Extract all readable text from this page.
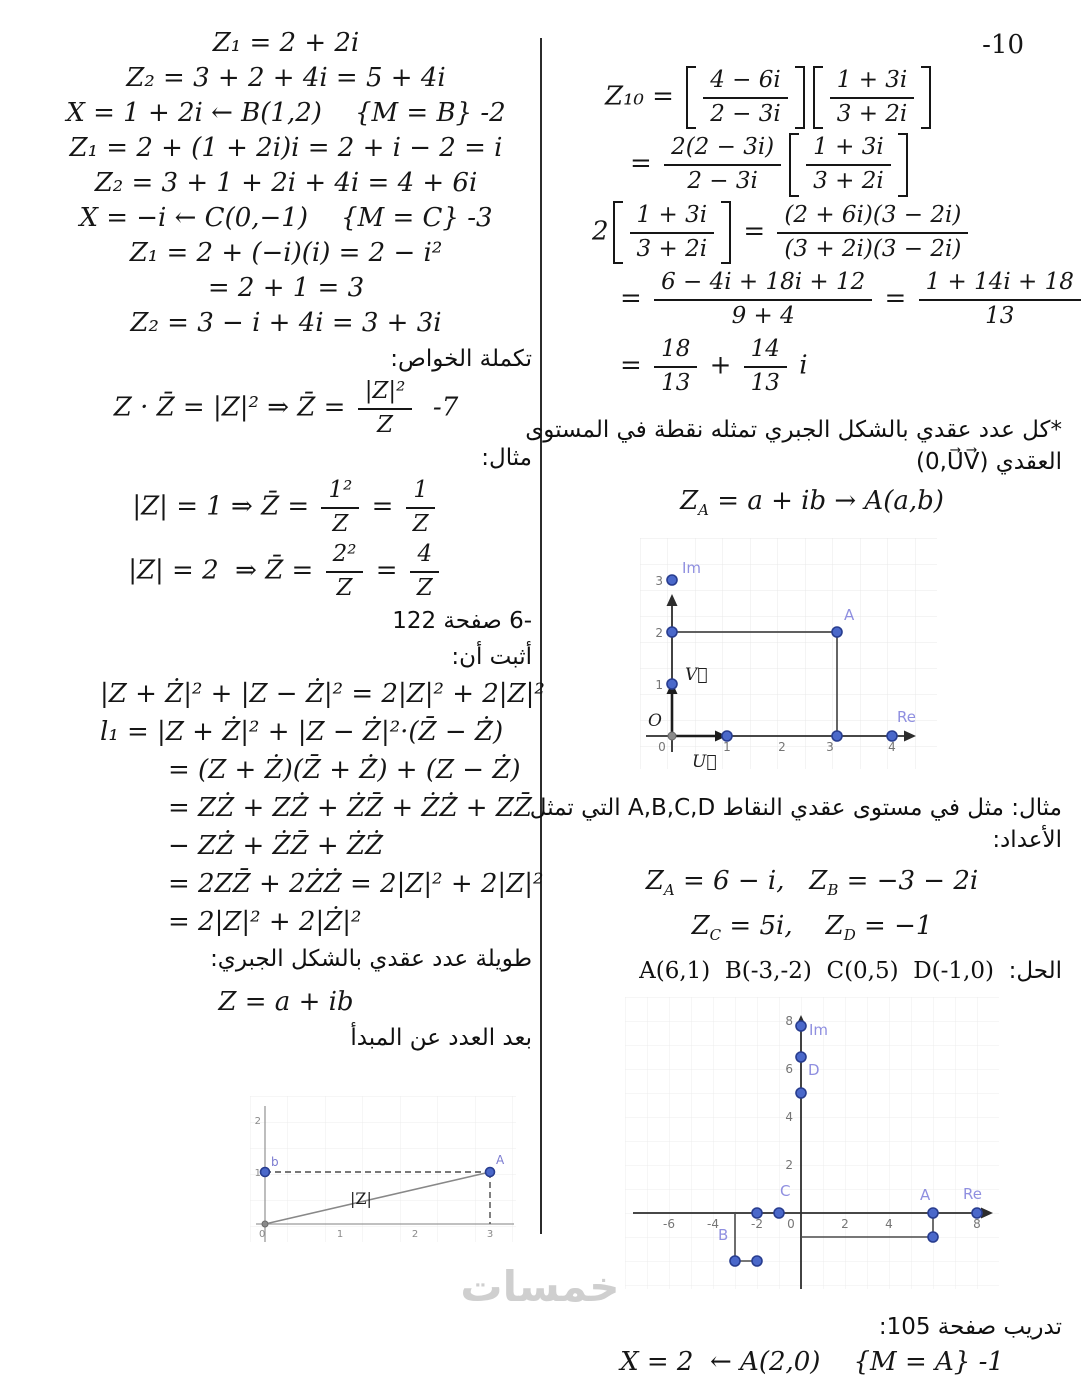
-10
Z₁ = 2 + 2i
Z₂ = 3 + 2 + 4i = 5 + 4i
X = 1 + 2i ← B(1,2)    {M = B} -2
Z₁ = 2 + (1 + 2i)i = 2 + i − 2 = i
Z₂ = 3 + 1 + 2i + 4i = 4 + 6i
X = −i ← C(0,−1)    {M = C} -3
Z₁ = 2 + (−i)(i) = 2 − i²
= 2 + 1 = 3
Z₂ = 3 − i + 4i = 3 + 3i
تكملة الخواص:
Z · Z̄ = |Z|² ⇒ Z̄ = $\frac{\text{|Z|²}}{Z} -7$
مثال:
|Z| = 1 ⇒ Z̄ = $\frac{\text{1²}}{Z} = \frac{1}{Z}$
|Z| = 2  ⇒ Z̄ = $\frac{\text{2²}}{Z} = \frac{4}{Z}$
6- صفحة 122
أثبت أن:
|Z + Ż|² + |Z − Ż|² = 2|Z|² + 2|Z|²
l₁ = |Z + Ż|² + |Z − Ż|²·(Z̄ − Ż̄)
= (Z + Ż)(Z̄ + Ż̄) + (Z − Ż)
= ZŻ + ZŻ̄ + ŻZ̄ + ŻŻ̄ + ZZ̄
− ZŻ̄ + ŻZ̄ + ŻŻ̄
= 2ZZ̄ + 2ŻŻ̄ = 2|Z|² + 2|Z|²
= 2|Z|² + 2|Ż|²
طويلة عدد عقدي بالشكل الجبري:
Z = a + ib
بعد العدد عن المبدأ
b	A
|Z|
0	1	2	3
1
2
$Z_{10} = \frac{4 - 6i}{2 - 3i} \frac{1 + 3i}{3 + 2i}$
= $\frac{2(2 - 3i)}{2 - 3i} \frac{1 + 3i}{3 + 2i}$
$2 \frac{1 + 3i}{3 + 2i} = \frac{(2 + 6i)(3 - 2i)}{(3 + 2i)(3 - 2i)}$
= $\frac{6 - 4i + 18i + 12}{9 + 4} = \frac{1 + 14i + 18}{13}$
= $\frac{18}{13} + \frac{14}{13}$ i
*كل عدد عقدي بالشكل الجبري تمثله نقطة في المستوى
العقدي (0,U⃗V⃗)
$Z_A = a$ + ib → A(a,b)
Im
A
Re
O
V⃗
U⃗
0	1	2	3	4
1
2
3
مثال: مثل في مستوى عقدي النقاط A,B,C,D التي تمثل
الأعداد:
$Z_A = 6 - i$,   $Z_B = -3 - 2i$
$Z_C = 5i$,    $Z_D = -1$
الحل:  A(6,1)  B(-3,-2)  C(0,5)  D(-1,0)
Im
Re
D
C
B
A
-6	-4	-2 0	2	4	8
8
6
4
2
تدريب صفحة 105:
X = 2  ← A(2,0)    {M = A} -1
خمسات
